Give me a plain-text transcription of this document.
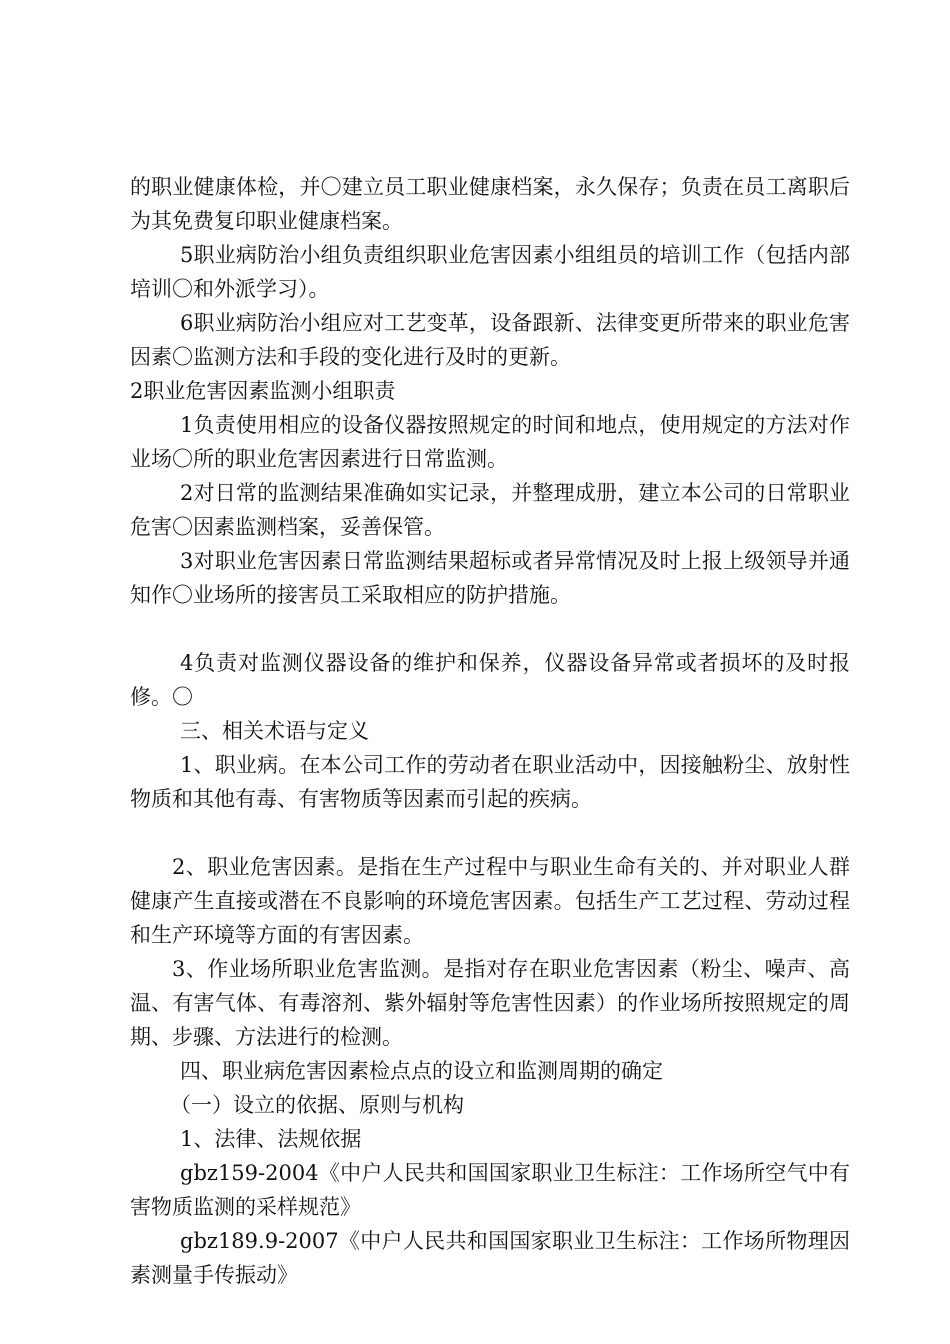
的职业健康体检，并〇建立员工职业健康档案，永久保存；负责在员工离职后为其免费复印职业健康档案。

5职业病防治小组负责组织职业危害因素小组组员的培训工作（包括内部培训〇和外派学习）。

6职业病防治小组应对工艺变革，设备跟新、法律变更所带来的职业危害因素〇监测方法和手段的变化进行及时的更新。

2职业危害因素监测小组职责

1负责使用相应的设备仪器按照规定的时间和地点，使用规定的方法对作业场〇所的职业危害因素进行日常监测。

2对日常的监测结果准确如实记录，并整理成册，建立本公司的日常职业危害〇因素监测档案，妥善保管。

3对职业危害因素日常监测结果超标或者异常情况及时上报上级领导并通知作〇业场所的接害员工采取相应的防护措施。

4负责对监测仪器设备的维护和保养，仪器设备异常或者损坏的及时报修。〇

三、相关术语与定义

1、职业病。在本公司工作的劳动者在职业活动中，因接触粉尘、放射性物质和其他有毒、有害物质等因素而引起的疾病。

2、职业危害因素。是指在生产过程中与职业生命有关的、并对职业人群健康产生直接或潜在不良影响的环境危害因素。包括生产工艺过程、劳动过程和生产环境等方面的有害因素。

3、作业场所职业危害监测。是指对存在职业危害因素（粉尘、噪声、高温、有害气体、有毒溶剂、紫外辐射等危害性因素）的作业场所按照规定的周期、步骤、方法进行的检测。

四、职业病危害因素检点点的设立和监测周期的确定

（一）设立的依据、原则与机构

1、法律、法规依据

gbz159-2004《中户人民共和国国家职业卫生标注：工作场所空气中有害物质监测的采样规范》

gbz189.9-2007《中户人民共和国国家职业卫生标注：工作场所物理因素测量手传振动》
